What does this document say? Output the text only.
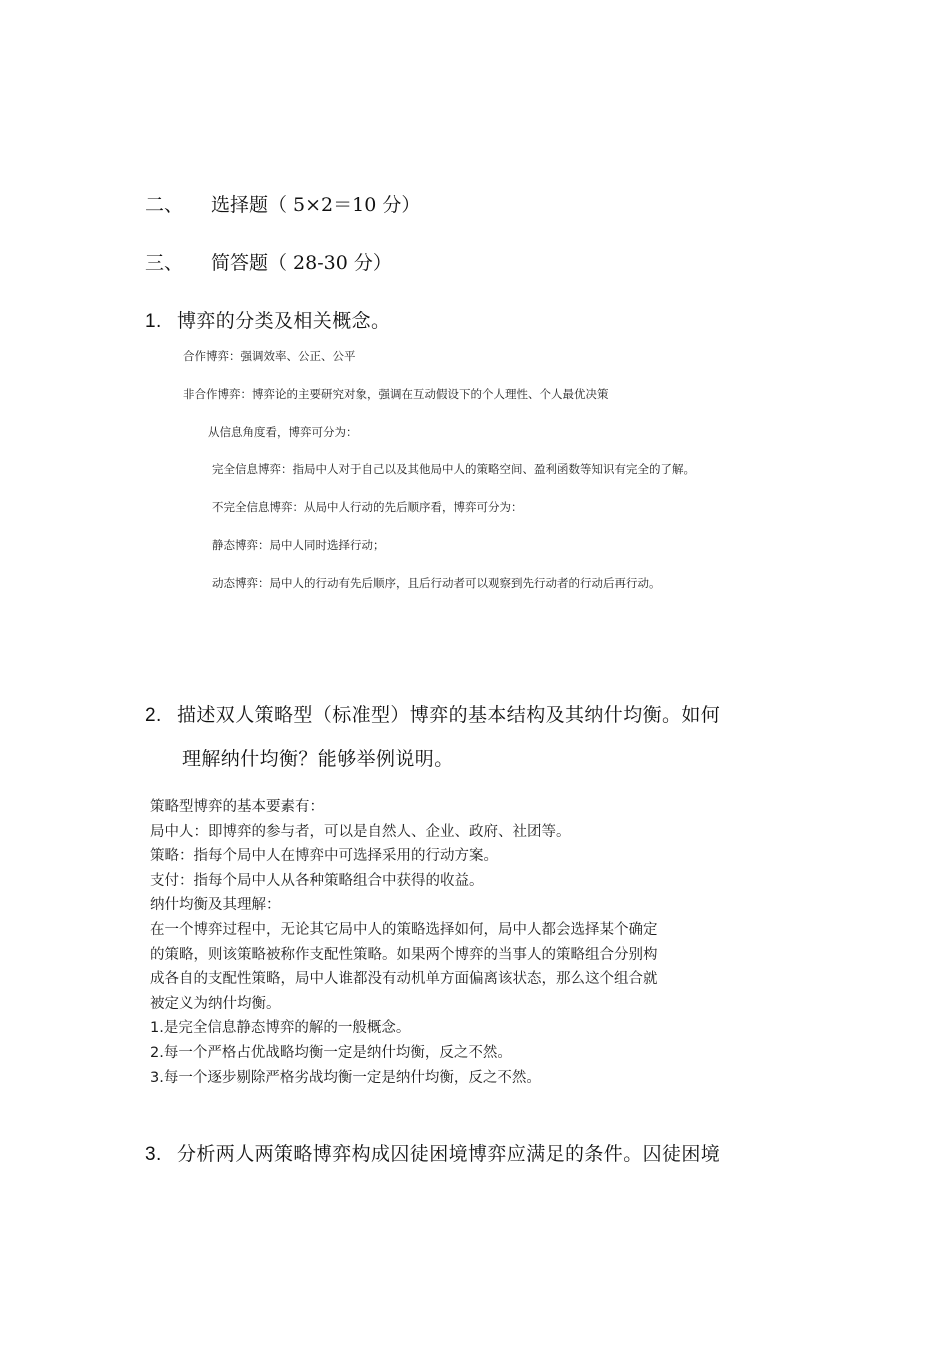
二、 选择题（ 5×2＝10 分）
三、 简答题（ 28-30 分）
1. 博弈的分类及相关概念。
合作博弈：强调效率、公正、公平
非合作博弈：博弈论的主要研究对象，强调在互动假设下的个人理性、个人最优决策
从信息角度看，博弈可分为：
完全信息博弈：指局中人对于自己以及其他局中人的策略空间、盈利函数等知识有完全的了解。
不完全信息博弈：从局中人行动的先后顺序看，博弈可分为：
静态博弈：局中人同时选择行动；
动态博弈：局中人的行动有先后顺序，且后行动者可以观察到先行动者的行动后再行动。
2. 描述双人策略型（标准型）博弈的基本结构及其纳什均衡。如何
理解纳什均衡？能够举例说明。
策略型博弈的基本要素有：
局中人：即博弈的参与者，可以是自然人、企业、政府、社团等。
策略：指每个局中人在博弈中可选择采用的行动方案。
支付：指每个局中人从各种策略组合中获得的收益。
纳什均衡及其理解：
在一个博弈过程中，无论其它局中人的策略选择如何，局中人都会选择某个确定
的策略，则该策略被称作支配性策略。如果两个博弈的当事人的策略组合分别构
成各自的支配性策略，局中人谁都没有动机单方面偏离该状态，那么这个组合就
被定义为纳什均衡。
1.是完全信息静态博弈的解的一般概念。
2.每一个严格占优战略均衡一定是纳什均衡，反之不然。
3.每一个逐步剔除严格劣战均衡一定是纳什均衡，反之不然。
3. 分析两人两策略博弈构成囚徒困境博弈应满足的条件。囚徒困境
